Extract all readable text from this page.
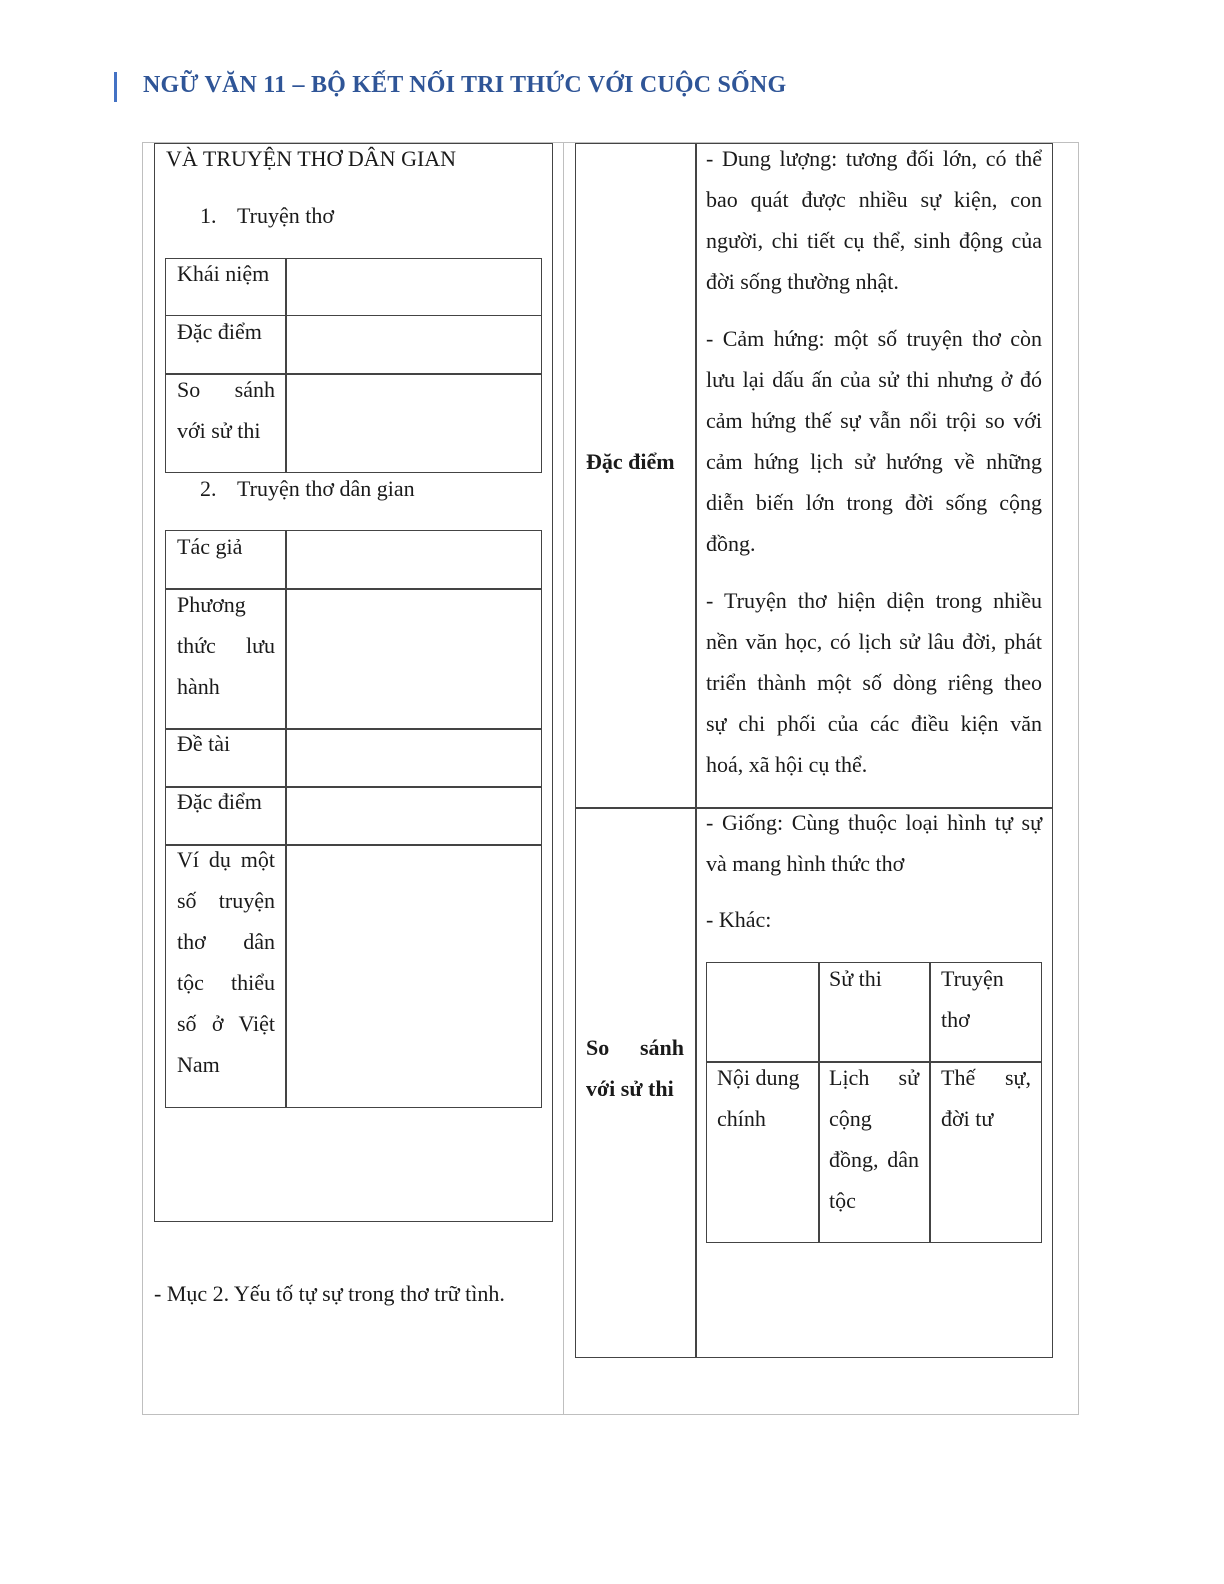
NGỮ VĂN 11 – BỘ KẾT NỐI TRI THỨC VỚI CUỘC SỐNG
VÀ TRUYỆN THƠ DÂN GIAN
1. Truyện thơ
Khái niệm
Đặc điểm
So sánh
với sử thi
2. Truyện thơ dân gian
Tác giả
Phương
thức lưu
hành
Đề tài
Đặc điểm
Ví dụ một
số truyện
thơ dân
tộc thiểu
số ở Việt
Nam
- Mục 2. Yếu tố tự sự trong thơ trữ tình.
Đặc điểm
- Dung lượng: tương đối lớn, có thể
bao quát được nhiều sự kiện, con
người, chi tiết cụ thể, sinh động của
đời sống thường nhật.
- Cảm hứng: một số truyện thơ còn
lưu lại dấu ấn của sử thi nhưng ở đó
cảm hứng thế sự vẫn nổi trội so với
cảm hứng lịch sử hướng về những
diễn biến lớn trong đời sống cộng
đồng.
- Truyện thơ hiện diện trong nhiều
nền văn học, có lịch sử lâu đời, phát
triển thành một số dòng riêng theo
sự chi phối của các điều kiện văn
hoá, xã hội cụ thể.
So sánh
với sử thi
- Giống: Cùng thuộc loại hình tự sự
và mang hình thức thơ
- Khác:
Sử thi	Truyện thơ
Nội dung chính
Lịch sử cộng đồng, dân tộc
Thế sự, đời tư
